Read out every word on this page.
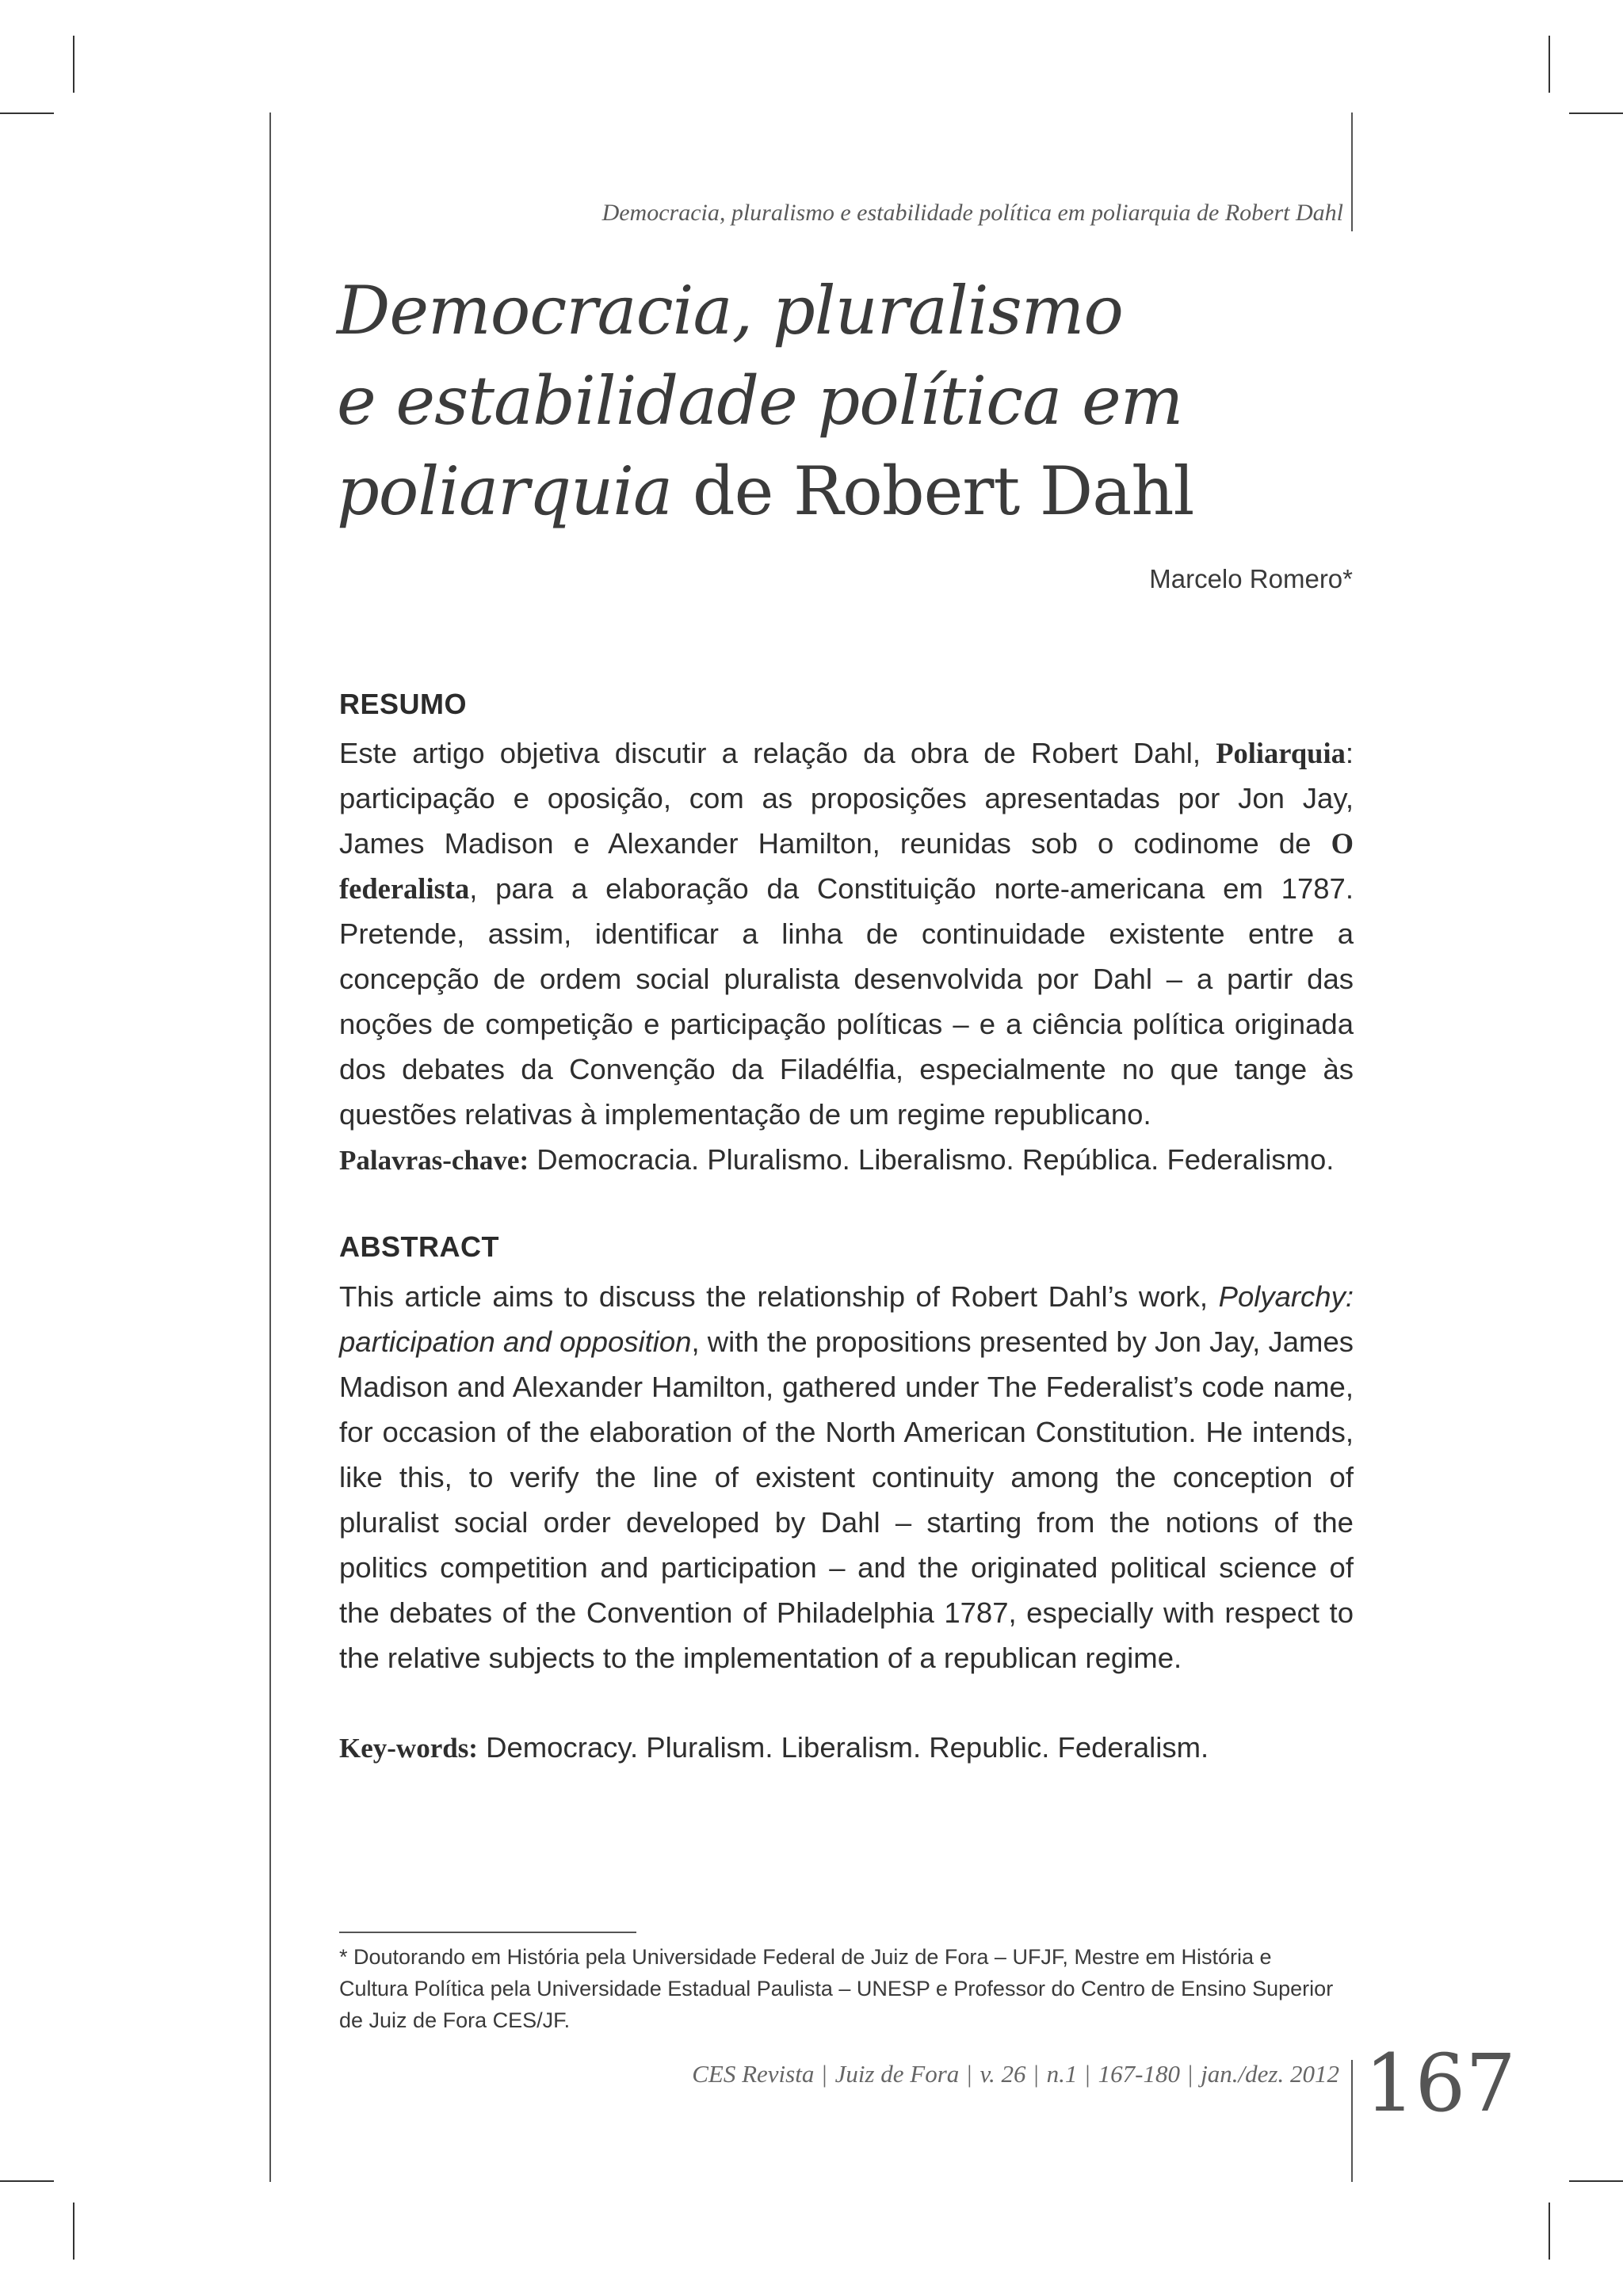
Democracia, pluralismo e estabilidade política em poliarquia de Robert Dahl
Democracia, pluralismo
e estabilidade política em
poliarquia de Robert Dahl
Marcelo Romero*
RESUMO

Este artigo objetiva discutir a relação da obra de Robert Dahl, Poliarquia: participação e oposição, com as proposições apresentadas por Jon Jay, James Madison e Alexander Hamilton, reunidas sob o codinome de O federalista, para a elaboração da Constituição norte-americana em 1787. Pretende, assim, identificar a linha de continuidade existente entre a concepção de ordem social pluralista desenvolvida por Dahl – a partir das noções de competição e participação políticas – e a ciência política originada dos debates da Convenção da Filadélfia, especialmente no que tange às questões relativas à implementação de um regime republicano.

Palavras-chave: Democracia. Pluralismo. Liberalismo. República. Federalismo.
ABSTRACT

This article aims to discuss the relationship of Robert Dahl’s work, Polyarchy: participation and opposition, with the propositions presented by Jon Jay, James Madison and Alexander Hamilton, gathered under The Federalist’s code name, for occasion of the elaboration of the North American Constitution. He intends, like this, to verify the line of existent continuity among the conception of pluralist social order developed by Dahl – starting from the notions of the politics competition and participation – and the originated political science of the debates of the Convention of Philadelphia 1787, especially with respect to the relative subjects to the implementation of a republican regime.

Key-words: Democracy. Pluralism. Liberalism. Republic. Federalism.

* Doutorando em História pela Universidade Federal de Juiz de Fora – UFJF, Mestre em História e Cultura Política pela Universidade Estadual Paulista – UNESP e Professor do Centro de Ensino Superior de Juiz de Fora CES/JF.

CES Revista | Juiz de Fora | v. 26 | n.1 | 167-180 | jan./dez. 2012 167
